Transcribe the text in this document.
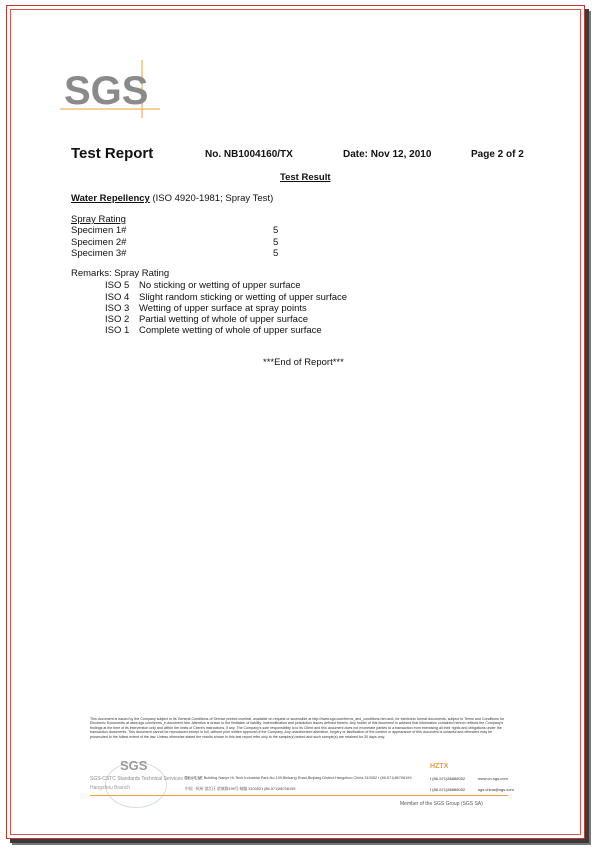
SGS
Test Report	No. NB1004160/TX	Date: Nov 12, 2010	Page 2 of 2
Test Result
Water Repellency (ISO 4920-1981; Spray Test)
Spray Rating
Specimen 1#	5
Specimen 2#	5
Specimen 3#	5
Remarks: Spray Rating
ISO 5 No sticking or wetting of upper surface
ISO 4 Slight random sticking or wetting of upper surface
ISO 3 Wetting of upper surface at spray points
ISO 2 Partial wetting of whole of upper surface
ISO 1 Complete wetting of whole of upper surface
***End of Report***
This document is issued by the Company subject to its General Conditions of Service printed overleaf, available on request or accessible at http://www.sgs.com/terms_and_conditions.htm and, for electronic format documents, subject to Terms and Conditions for Electronic Documents at www.sgs.com/terms_e-document.htm. Attention is drawn to the limitation of liability, indemnification and jurisdiction issues defined therein. Any holder of this document is advised that information contained hereon reflects the Company's findings at the time of its intervention only and within the limits of Client's instructions, if any. The Company's sole responsibility is to its Client and this document does not exonerate parties to a transaction from exercising all their rights and obligations under the transaction documents. This document cannot be reproduced except in full, without prior written approval of the Company. Any unauthorized alteration, forgery or falsification of the content or appearance of this document is unlawful and offenders may be prosecuted to the fullest extent of the law. Unless otherwise stated the results shown in this test report refer only to the sample(s) tested and such sample(s) are retained for 30 days only.
SGS
SGS-CSTC Standards Technical Services Co., Ltd.
Hangzhou Branch
5/F,6/F,7/F Building Nanye Hi-Tech Industrial Park,No.199,Binkang Road,Binjiang District,Hangzhou,China 310052 t (86-571)86708199
中国 · 杭州 滨江区 滨康路199号 邮编 310052 t (86-571)86708199
HZTX
f (86-571)86888002	www.cn.sgs.com
f (86-571)86888002	sgs.china@sgs.com
Member of the SGS Group (SGS SA)
